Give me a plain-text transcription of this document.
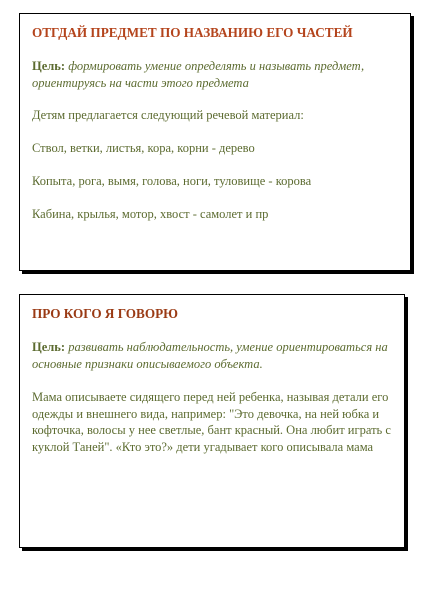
ОТГДАЙ ПРЕДМЕТ ПО НАЗВАНИЮ ЕГО ЧАСТЕЙ
Цель: формировать умение определять и называть предмет, ориентируясь на части этого предмета
Детям предлагается следующий речевой материал:
Ствол, ветки, листья, кора, корни - дерево
Копыта, рога, вымя, голова, ноги, туловище - корова
Кабина, крылья, мотор, хвост - самолет и пр
ПРО КОГО Я ГОВОРЮ
Цель: развивать наблюдательность, умение ориентироваться на основные признаки описываемого объекта.
Мама описываете сидящего перед ней ребенка, называя детали его одежды и внешнего вида, например: "Это девочка, на ней юбка и кофточка, волосы у нее светлые, бант красный. Она любит играть с куклой Таней". «Кто это?» дети угадывает кого описывала мама
